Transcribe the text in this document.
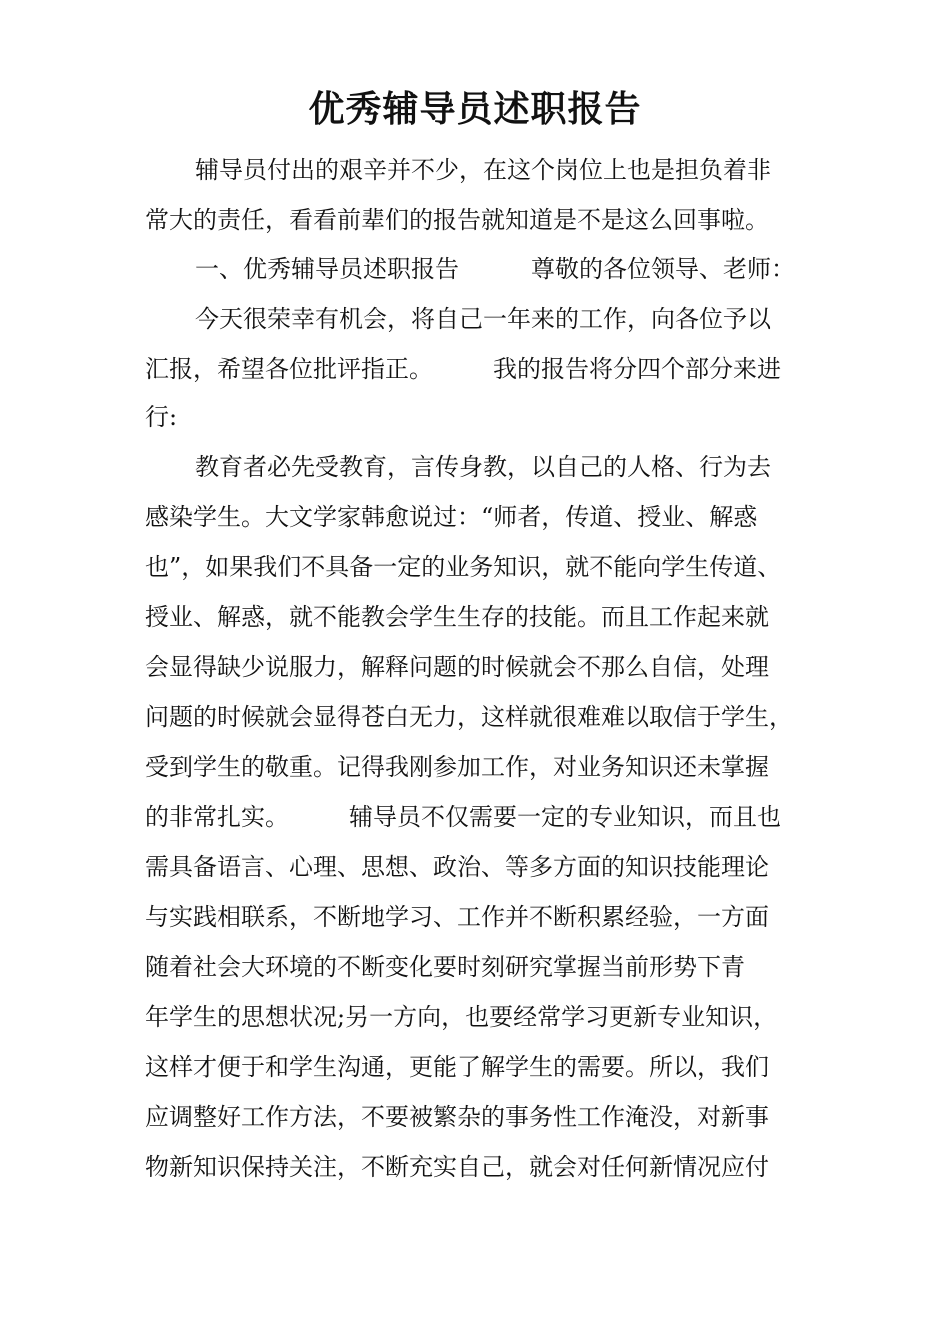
优秀辅导员述职报告

辅导员付出的艰辛并不少，在这个岗位上也是担负着非

常大的责任，看看前辈们的报告就知道是不是这么回事啦。

一、优秀辅导员述职报告　　　尊敬的各位领导、老师：

今天很荣幸有机会，将自己一年来的工作，向各位予以

汇报，希望各位批评指正。　　　我的报告将分四个部分来进

行:

教育者必先受教育，言传身教，以自己的人格、行为去

感染学生。大文学家韩愈说过：“师者，传道、授业、解惑

也”，如果我们不具备一定的业务知识，就不能向学生传道、

授业、解惑，就不能教会学生生存的技能。而且工作起来就

会显得缺少说服力，解释问题的时候就会不那么自信，处理

问题的时候就会显得苍白无力，这样就很难难以取信于学生，

受到学生的敬重。记得我刚参加工作，对业务知识还未掌握

的非常扎实。　　　辅导员不仅需要一定的专业知识，而且也

需具备语言、心理、思想、政治、等多方面的知识技能理论

与实践相联系，不断地学习、工作并不断积累经验，一方面

随着社会大环境的不断变化要时刻研究掌握当前形势下青

年学生的思想状况;另一方向，也要经常学习更新专业知识，

这样才便于和学生沟通，更能了解学生的需要。所以，我们

应调整好工作方法，不要被繁杂的事务性工作淹没，对新事

物新知识保持关注，不断充实自己，就会对任何新情况应付
